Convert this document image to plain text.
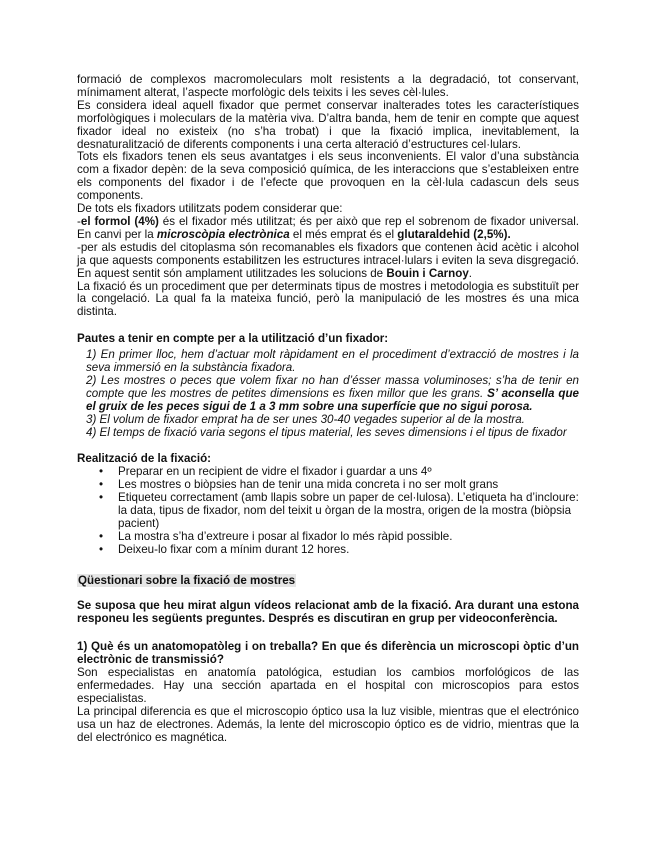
formació de complexos macromoleculars molt resistents a la degradació, tot conservant, mínimament alterat, l’aspecte morfològic dels teixits i les seves cèl·lules.

Es considera ideal aquell fixador que permet conservar inalterades totes les característiques morfològiques i moleculars de la matèria viva. D’altra banda, hem de tenir en compte que aquest fixador ideal no existeix (no s’ha trobat) i que la fixació implica, inevitablement, la desnaturalització de diferents components i una certa alteració d’estructures cel·lulars.

Tots els fixadors tenen els seus avantatges i els seus inconvenients. El valor d’una substància com a fixador depèn: de la seva composició química, de les interaccions que s’estableixen entre els components del fixador i de l’efecte que provoquen en la cèl·lula cadascun dels seus components.

De tots els fixadors utilitzats podem considerar que:

-el formol (4%) és el fixador més utilitzat; és per això que rep el sobrenom de fixador universal. En canvi per la microscòpia electrònica el més emprat és el glutaraldehid (2,5%).

-per als estudis del citoplasma són recomanables els fixadors que contenen àcid acètic i alcohol ja que aquests components estabilitzen les estructures intracel·lulars i eviten la seva disgregació. En aquest sentit són amplament utilitzades les solucions de Bouin i Carnoy.

La fixació és un procediment que per determinats tipus de mostres i metodologia es substituït per la congelació. La qual fa la mateixa funció, però la manipulació de les mostres és una mica distinta.

Pautes a tenir en compte per a la utilització d’un fixador:

1) En primer lloc, hem d’actuar molt ràpidament en el procediment d’extracció de mostres i la seva immersió en la substància fixadora.

2) Les mostres o peces que volem fixar no han d’ésser massa voluminoses; s’ha de tenir en compte que les mostres de petites dimensions es fixen millor que les grans. S’ aconsella que el gruix de les peces sigui de 1 a 3 mm sobre una superfície que no sigui porosa.

3) El volum de fixador emprat ha de ser unes 30-40 vegades superior al de la mostra.

4) El temps de fixació varia segons el tipus material, les seves dimensions i el tipus de fixador

Realització de la fixació:

• Preparar en un recipient de vidre el fixador i guardar a uns 4º
• Les mostres o biòpsies han de tenir una mida concreta i no ser molt grans
• Etiqueteu correctament (amb llapis sobre un paper de cel·lulosa). L’etiqueta ha d’incloure: la data, tipus de fixador, nom del teixit u òrgan de la mostra, origen de la mostra (biòpsia pacient)
• La mostra s’ha d’extreure i posar al fixador lo més ràpid possible.
• Deixeu-lo fixar com a mínim durant 12 hores.

Qüestionari sobre la fixació de mostres

Se suposa que heu mirat algun vídeos relacionat amb de la fixació. Ara durant una estona responeu les següents preguntes. Després es discutiran en grup per videoconferència.

1) Què és un anatomopatòleg i on treballa? En que és diferència un microscopi òptic d’un electrònic de transmissió?

Son especialistas en anatomía patológica, estudian los cambios morfológicos de las enfermedades. Hay una sección apartada en el hospital con microscopios para estos especialistas.

La principal diferencia es que el microscopio óptico usa la luz visible, mientras que el electrónico usa un haz de electrones. Además, la lente del microscopio óptico es de vidrio, mientras que la del electrónico es magnética.
